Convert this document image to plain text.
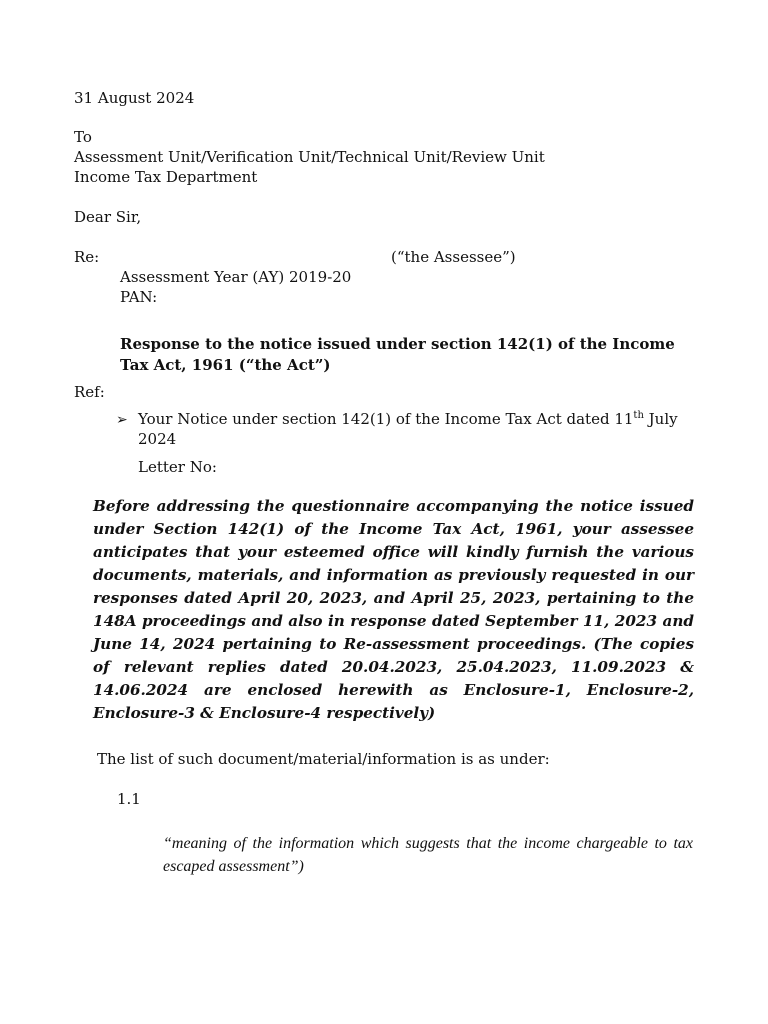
31 August 2024
To
Assessment Unit/Verification Unit/Technical Unit/Review Unit
Income Tax Department
Dear Sir,
Re:	(“the Assessee”)
Assessment Year (AY) 2019-20
PAN:
Response to the notice issued under section 142(1) of the Income Tax Act, 1961 (“the Act”)
Ref:
➢ Your Notice under section 142(1) of the Income Tax Act dated 11th July 2024
Letter No:
Before addressing the questionnaire accompanying the notice issued under Section 142(1) of the Income Tax Act, 1961, your assessee anticipates that your esteemed office will kindly furnish the various documents, materials, and information as previously requested in our responses dated April 20, 2023, and April 25, 2023, pertaining to the 148A proceedings and also in response dated September 11, 2023 and June 14, 2024 pertaining to Re-assessment proceedings. (The copies of relevant replies dated 20.04.2023, 25.04.2023, 11.09.2023 & 14.06.2024 are enclosed herewith as Enclosure-1, Enclosure-2, Enclosure-3 & Enclosure-4 respectively)
The list of such document/material/information is as under:
1.1
“meaning of the information which suggests that the income chargeable to tax escaped assessment”)
